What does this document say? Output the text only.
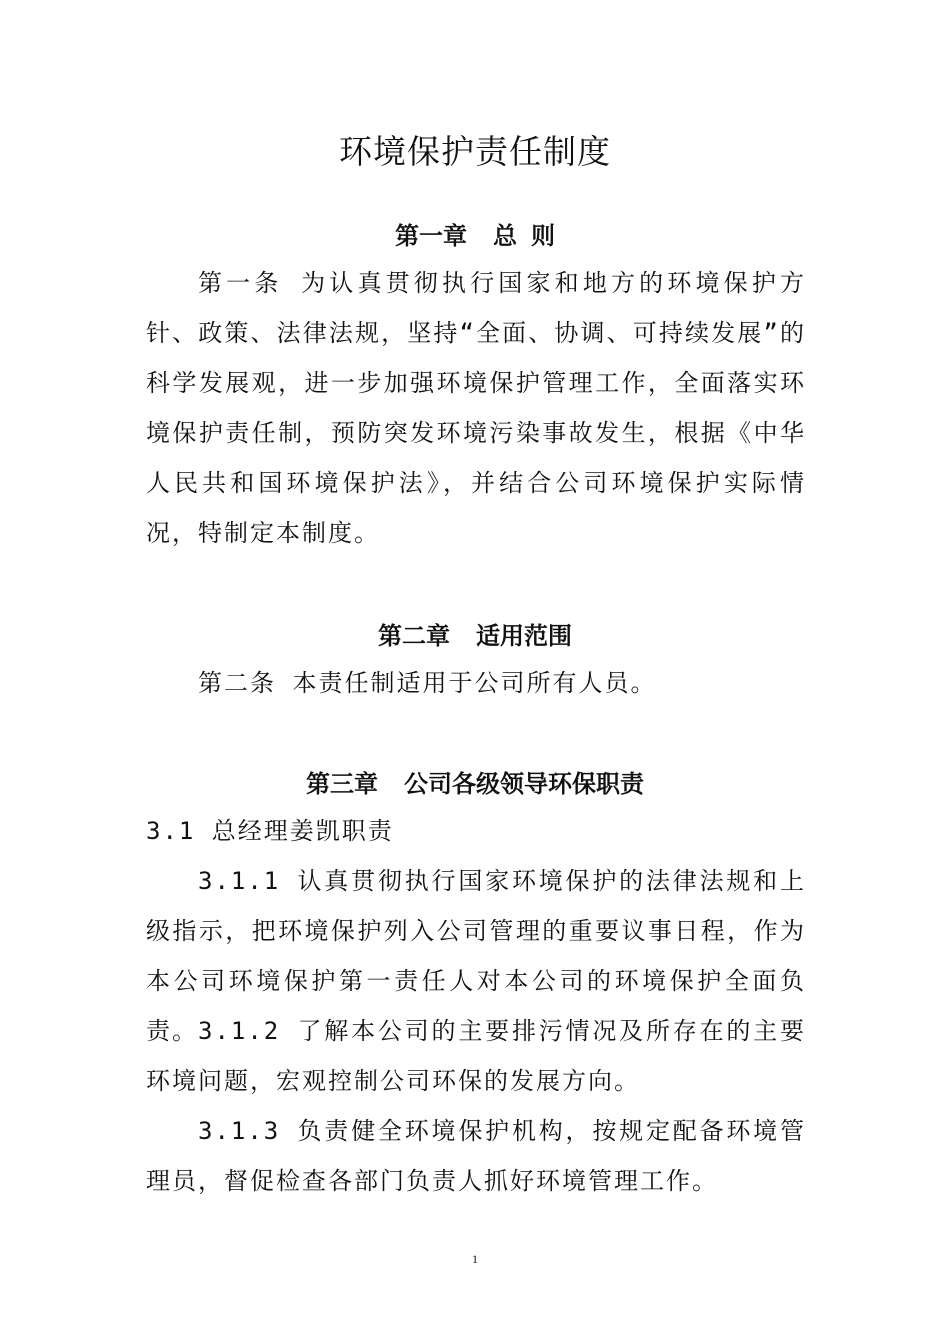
环境保护责任制度
第一章 总 则

第一条 为认真贯彻执行国家和地方的环境保护方针、政策、法律法规，坚持“全面、协调、可持续发展”的科学发展观，进一步加强环境保护管理工作，全面落实环境保护责任制，预防突发环境污染事故发生，根据《中华人民共和国环境保护法》，并结合公司环境保护实际情况，特制定本制度。

第二章 适用范围

第二条 本责任制适用于公司所有人员。

第三章 公司各级领导环保职责

3.1 总经理姜凯职责

3.1.1 认真贯彻执行国家环境保护的法律法规和上级指示，把环境保护列入公司管理的重要议事日程，作为本公司环境保护第一责任人对本公司的环境保护全面负责。 3.1.2 了解本公司的主要排污情况及所存在的主要环境问题，宏观控制公司环保的发展方向。

3.1.3 负责健全环境保护机构，按规定配备环境管理员，督促检查各部门负责人抓好环境管理工作。

1
